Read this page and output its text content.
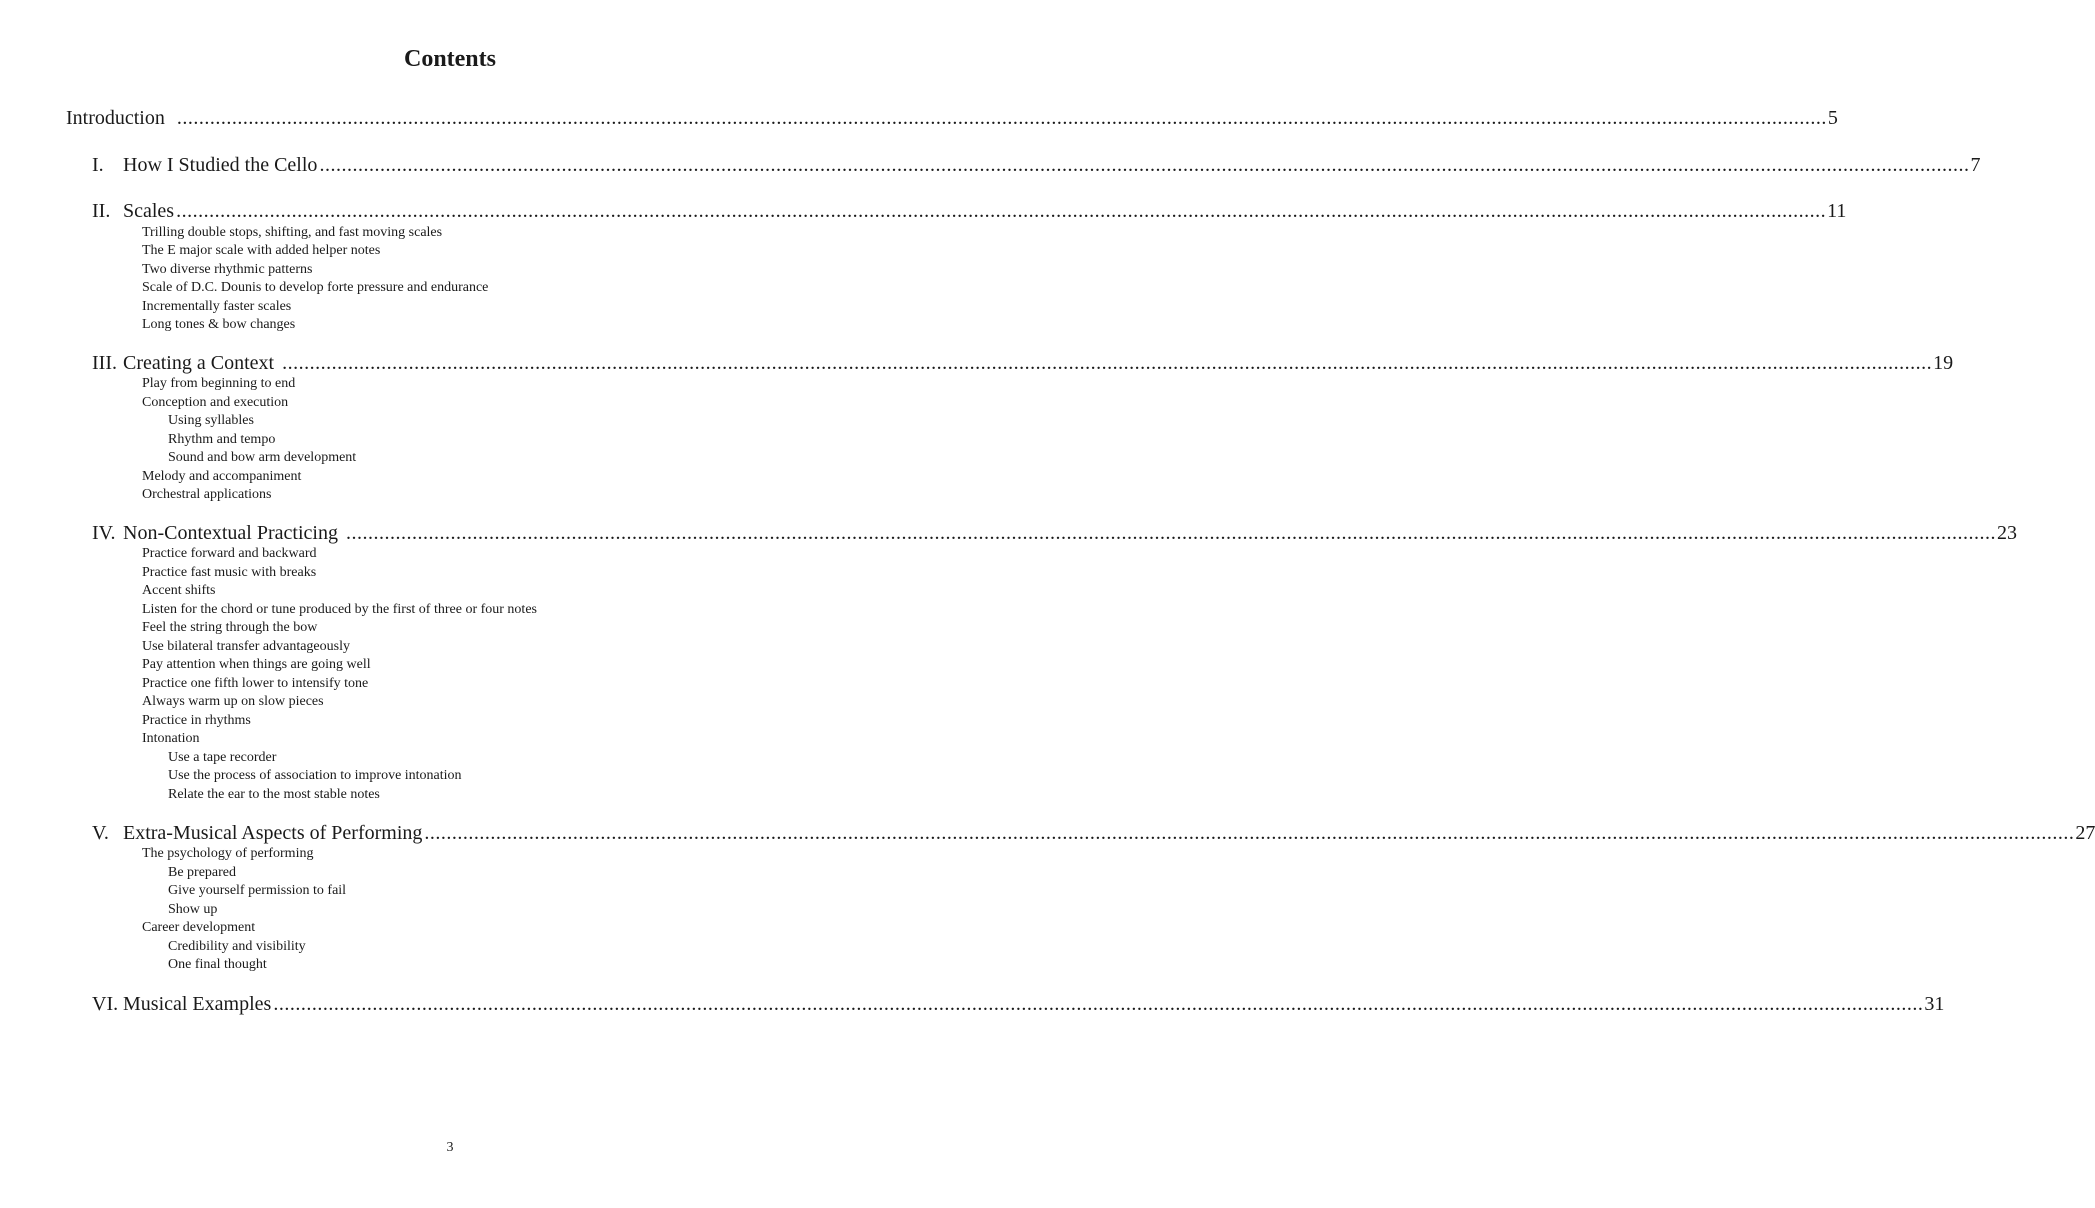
Contents
Introduction ............................................................................................................................................................................................................................................................................................................ 5
I. How I Studied the Cello ............................................................................................................................................................................................................................................................................................................ 7
II. Scales ............................................................................................................................................................................................................................................................................................................ 11
Trilling double stops, shifting, and fast moving scales
The E major scale with added helper notes
Two diverse rhythmic patterns
Scale of D.C. Dounis to develop forte pressure and endurance
Incrementally faster scales
Long tones & bow changes
III. Creating a Context ............................................................................................................................................................................................................................................................................................................ 19
Play from beginning to end
Conception and execution
Using syllables
Rhythm and tempo
Sound and bow arm development
Melody and accompaniment
Orchestral applications
IV. Non-Contextual Practicing ............................................................................................................................................................................................................................................................................................................ 23
Practice forward and backward
Practice fast music with breaks
Accent shifts
Listen for the chord or tune produced by the first of three or four notes
Feel the string through the bow
Use bilateral transfer advantageously
Pay attention when things are going well
Practice one fifth lower to intensify tone
Always warm up on slow pieces
Practice in rhythms
Intonation
Use a tape recorder
Use the process of association to improve intonation
Relate the ear to the most stable notes
V. Extra-Musical Aspects of Performing ............................................................................................................................................................................................................................................................................................................ 27
The psychology of performing
Be prepared
Give yourself permission to fail
Show up
Career development
Credibility and visibility
One final thought
VI. Musical Examples ............................................................................................................................................................................................................................................................................................................ 31
3
